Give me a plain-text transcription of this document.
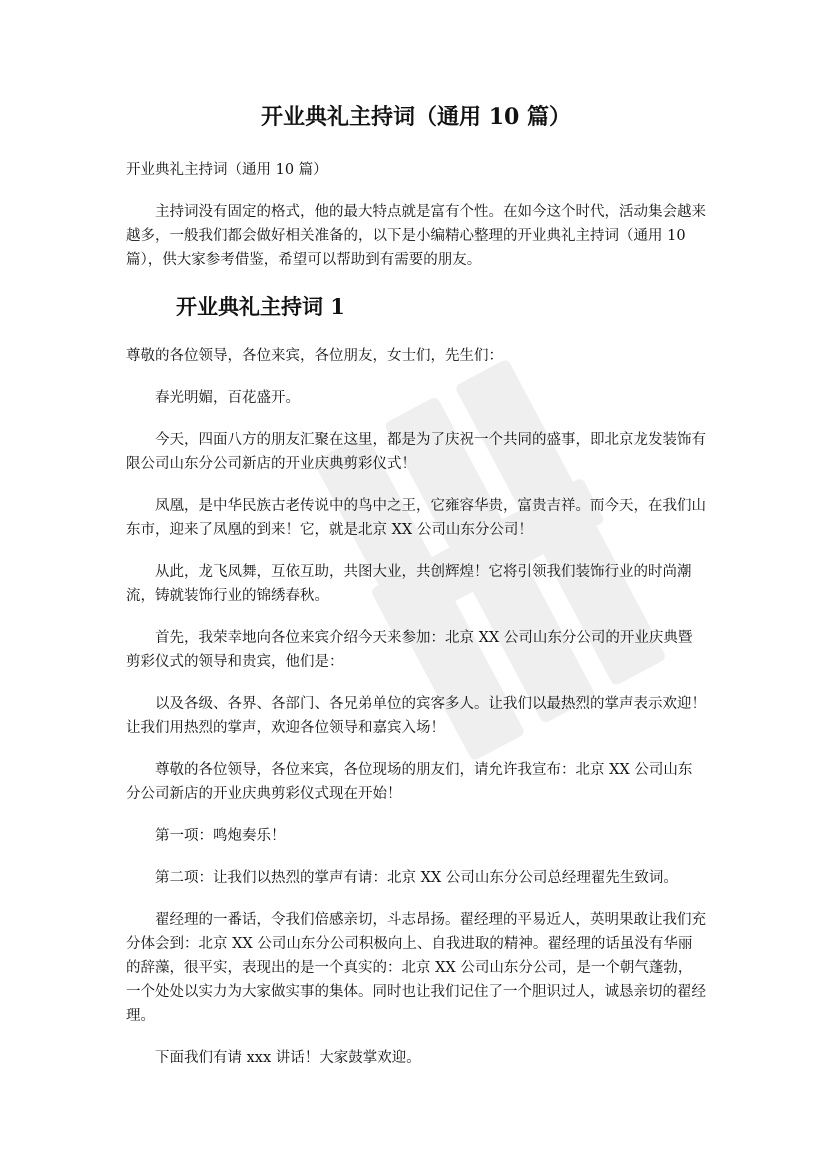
开业典礼主持词（通用 10 篇）

开业典礼主持词（通用 10 篇）

主持词没有固定的格式，他的最大特点就是富有个性。在如今这个时代，活动集会越来越多，一般我们都会做好相关准备的，以下是小编精心整理的开业典礼主持词（通用 10 篇），供大家参考借鉴，希望可以帮助到有需要的朋友。

开业典礼主持词 1

尊敬的各位领导，各位来宾，各位朋友，女士们，先生们：

春光明媚，百花盛开。

今天，四面八方的朋友汇聚在这里，都是为了庆祝一个共同的盛事，即北京龙发装饰有限公司山东分公司新店的开业庆典剪彩仪式！

凤凰，是中华民族古老传说中的鸟中之王，它雍容华贵，富贵吉祥。而今天，在我们山东市，迎来了凤凰的到来！它，就是北京 XX 公司山东分公司！

从此，龙飞凤舞，互依互助，共图大业，共创辉煌！它将引领我们装饰行业的时尚潮流，铸就装饰行业的锦绣春秋。

首先，我荣幸地向各位来宾介绍今天来参加：北京 XX 公司山东分公司的开业庆典暨剪彩仪式的领导和贵宾，他们是：

以及各级、各界、各部门、各兄弟单位的宾客多人。让我们以最热烈的掌声表示欢迎！让我们用热烈的掌声，欢迎各位领导和嘉宾入场！

尊敬的各位领导，各位来宾，各位现场的朋友们，请允许我宣布：北京 XX 公司山东分公司新店的开业庆典剪彩仪式现在开始！

第一项：鸣炮奏乐！

第二项：让我们以热烈的掌声有请：北京 XX 公司山东分公司总经理翟先生致词。

翟经理的一番话，令我们倍感亲切，斗志昂扬。翟经理的平易近人，英明果敢让我们充分体会到：北京 XX 公司山东分公司积极向上、自我进取的精神。翟经理的话虽没有华丽的辞藻，很平实，表现出的是一个真实的：北京 XX 公司山东分公司，是一个朝气蓬勃，一个处处以实力为大家做实事的集体。同时也让我们记住了一个胆识过人，诚恳亲切的翟经理。

下面我们有请 xxx 讲话！大家鼓掌欢迎。
